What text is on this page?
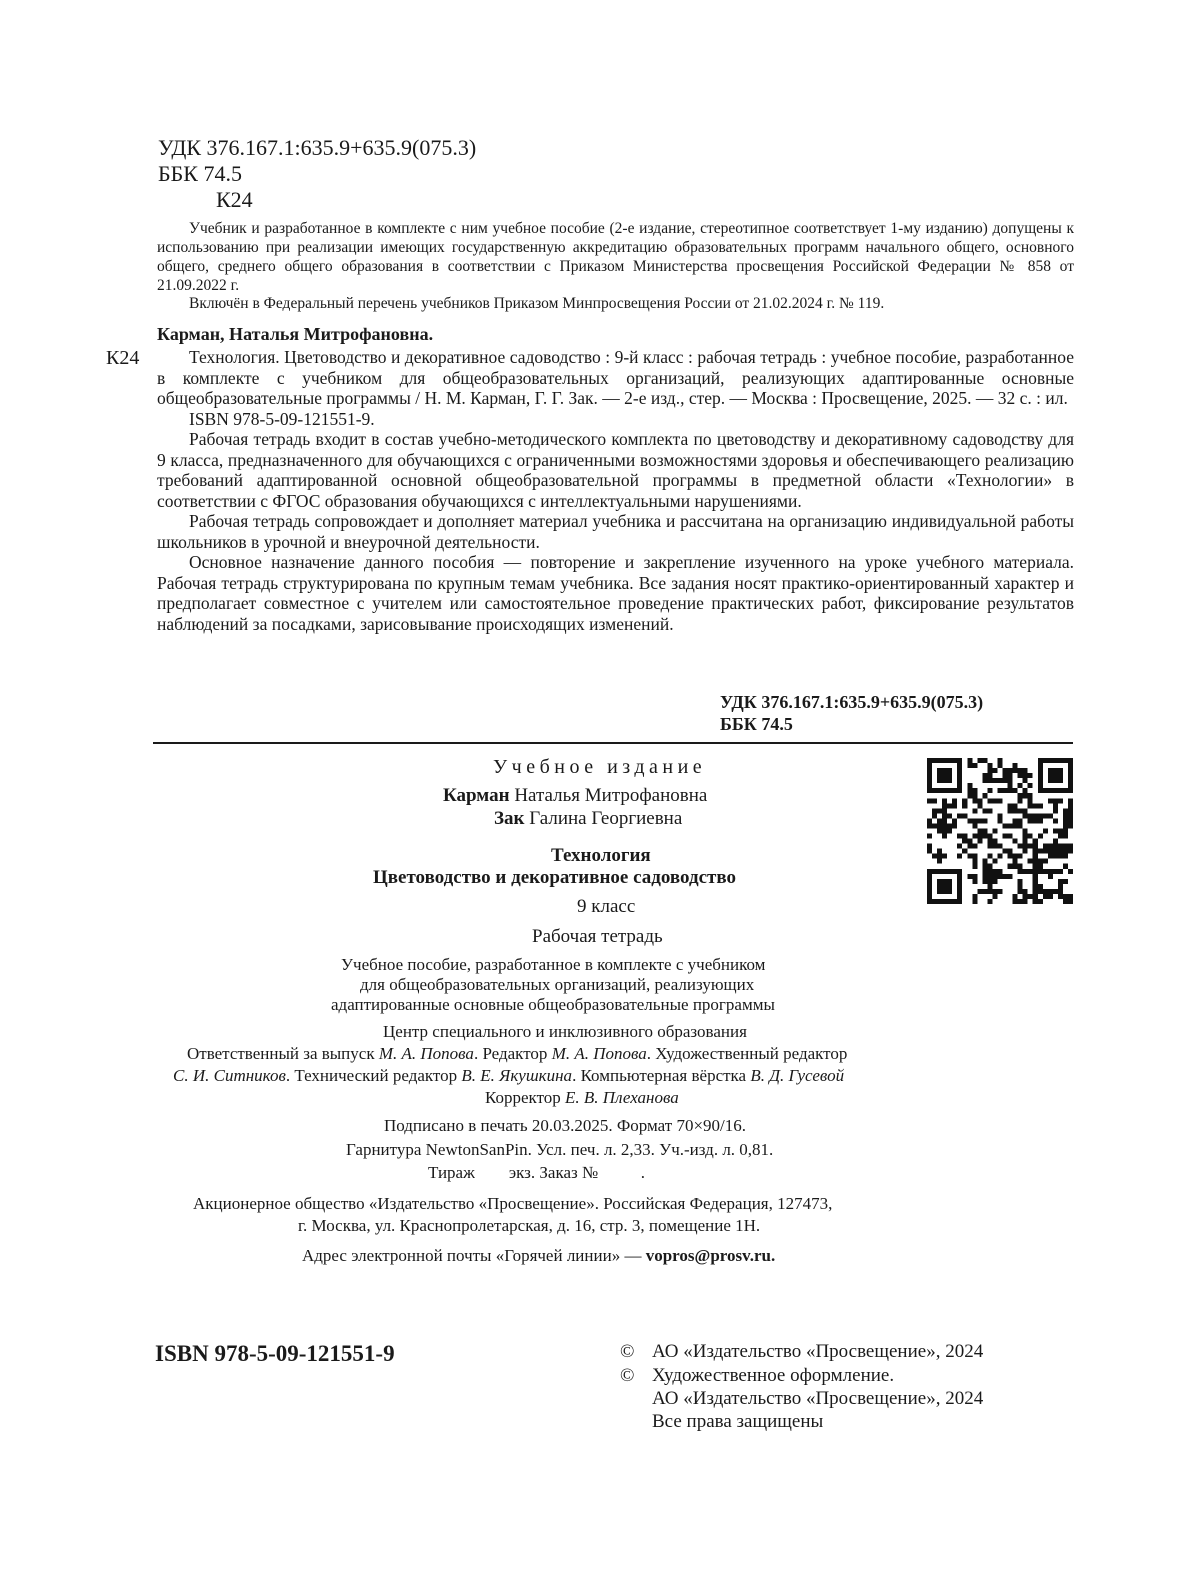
УДК 376.167.1:635.9+635.9(075.3)
ББК 74.5
К24
Учебник и разработанное в комплекте с ним учебное пособие (2-е издание, стереотипное соответствует 1-му изданию) допущены к использованию при реализации имеющих государственную аккредитацию образовательных программ начального общего, основного общего, среднего общего образования в соответствии с Приказом Министерства просвещения Российской Федерации № 858 от 21.09.2022 г.
Включён в Федеральный перечень учебников Приказом Минпросвещения России от 21.02.2024 г. № 119.
К24
Карман, Наталья Митрофановна.

Технология. Цветоводство и декоративное садоводство : 9-й класс : рабочая тетрадь : учебное пособие, разработанное в комплекте с учебником для общеобразовательных организаций, реализующих адаптированные основные общеобразовательные программы / Н. М. Карман, Г. Г. Зак. — 2-е изд., стер. — Москва : Просвещение, 2025. — 32 с. : ил.

ISBN 978-5-09-121551-9.

Рабочая тетрадь входит в состав учебно-методического комплекта по цветоводству и декоративному садоводству для 9 класса, предназначенного для обучающихся с ограниченными возможностями здоровья и обеспечивающего реализацию требований адаптированной основной общеобразовательной программы в предметной области «Технологии» в соответствии с ФГОС образования обучающихся с интеллектуальными нарушениями.

Рабочая тетрадь сопровождает и дополняет материал учебника и рассчитана на организацию индивидуальной работы школьников в урочной и внеурочной деятельности.

Основное назначение данного пособия — повторение и закрепление изученного на уроке учебного материала. Рабочая тетрадь структурирована по крупным темам учебника. Все задания носят практико-ориентированный характер и предполагает совместное с учителем или самостоятельное проведение практических работ, фиксирование результатов наблюдений за посадками, зарисовывание происходящих изменений.

УДК 376.167.1:635.9+635.9(075.3)
ББК 74.5
Учебное издание
Карман Наталья Митрофановна
Зак Галина Георгиевна
Технология
Цветоводство и декоративное садоводство
9 класс
Рабочая тетрадь
Учебное пособие, разработанное в комплекте с учебником
для общеобразовательных организаций, реализующих
адаптированные основные общеобразовательные программы
Центр специального и инклюзивного образования
Ответственный за выпуск М. А. Попова. Редактор М. А. Попова. Художественный редактор
С. И. Ситников. Технический редактор В. Е. Якушкина. Компьютерная вёрстка В. Д. Гусевой
Корректор Е. В. Плеханова
Подписано в печать 20.03.2025. Формат 70×90/16.
Гарнитура NewtonSanPin. Усл. печ. л. 2,33. Уч.-изд. л. 0,81.
Тираж        экз. Заказ №          .
Акционерное общество «Издательство «Просвещение». Российская Федерация, 127473,
г. Москва, ул. Краснопролетарская, д. 16, стр. 3, помещение 1Н.
Адрес электронной почты «Горячей линии» — vopros@prosv.ru.
ISBN 978-5-09-121551-9	© АО «Издательство «Просвещение», 2024
© Художественное оформление.
АО «Издательство «Просвещение», 2024
Все права защищены
